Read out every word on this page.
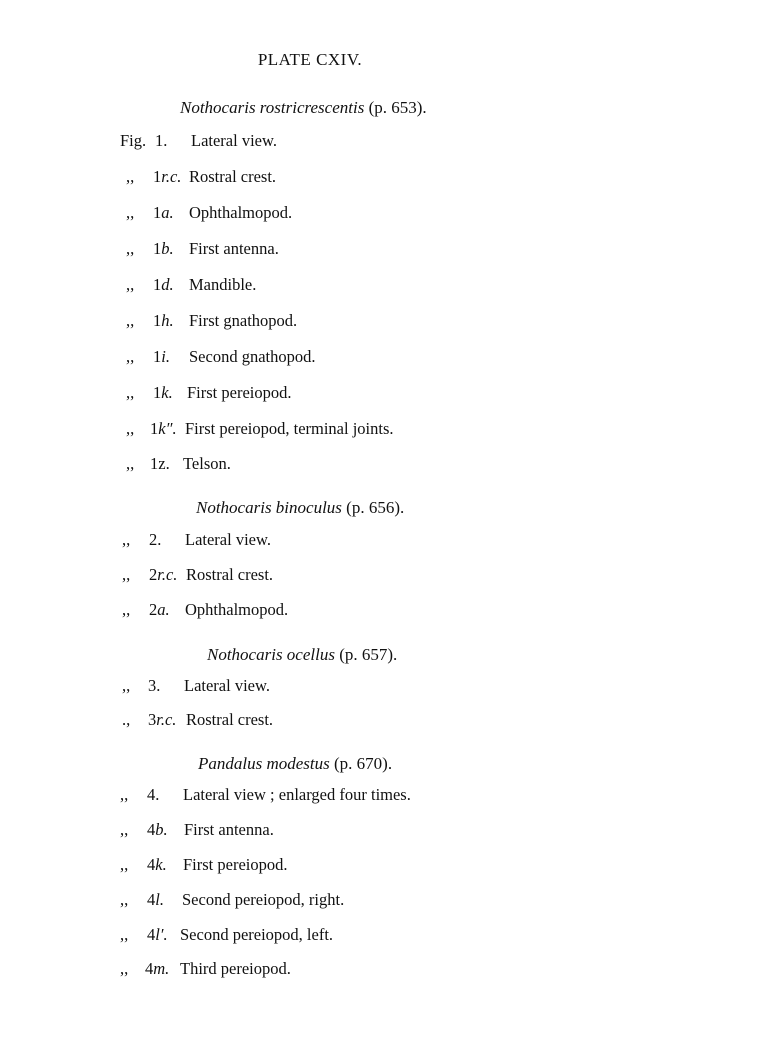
PLATE CXIV.
Nothocaris rostricrescentis (p. 653).
Fig. 1. Lateral view.
,, 1r.c. Rostral crest.
,, 1a. Ophthalmopod.
,, 1b. First antenna.
,, 1d. Mandible.
,, 1h. First gnathopod.
,, 1i. Second gnathopod.
,, 1k. First pereiopod.
,, 1k″. First pereiopod, terminal joints.
,, 1z. Telson.
Nothocaris binoculus (p. 656).
,, 2. Lateral view.
,, 2r.c. Rostral crest.
,, 2a. Ophthalmopod.
Nothocaris ocellus (p. 657).
,, 3. Lateral view.
., 3r.c. Rostral crest.
Pandalus modestus (p. 670).
,, 4. Lateral view ; enlarged four times.
,, 4b. First antenna.
,, 4k. First pereiopod.
,, 4l. Second pereiopod, right.
,, 4l′. Second pereiopod, left.
,, 4m. Third pereiopod.
